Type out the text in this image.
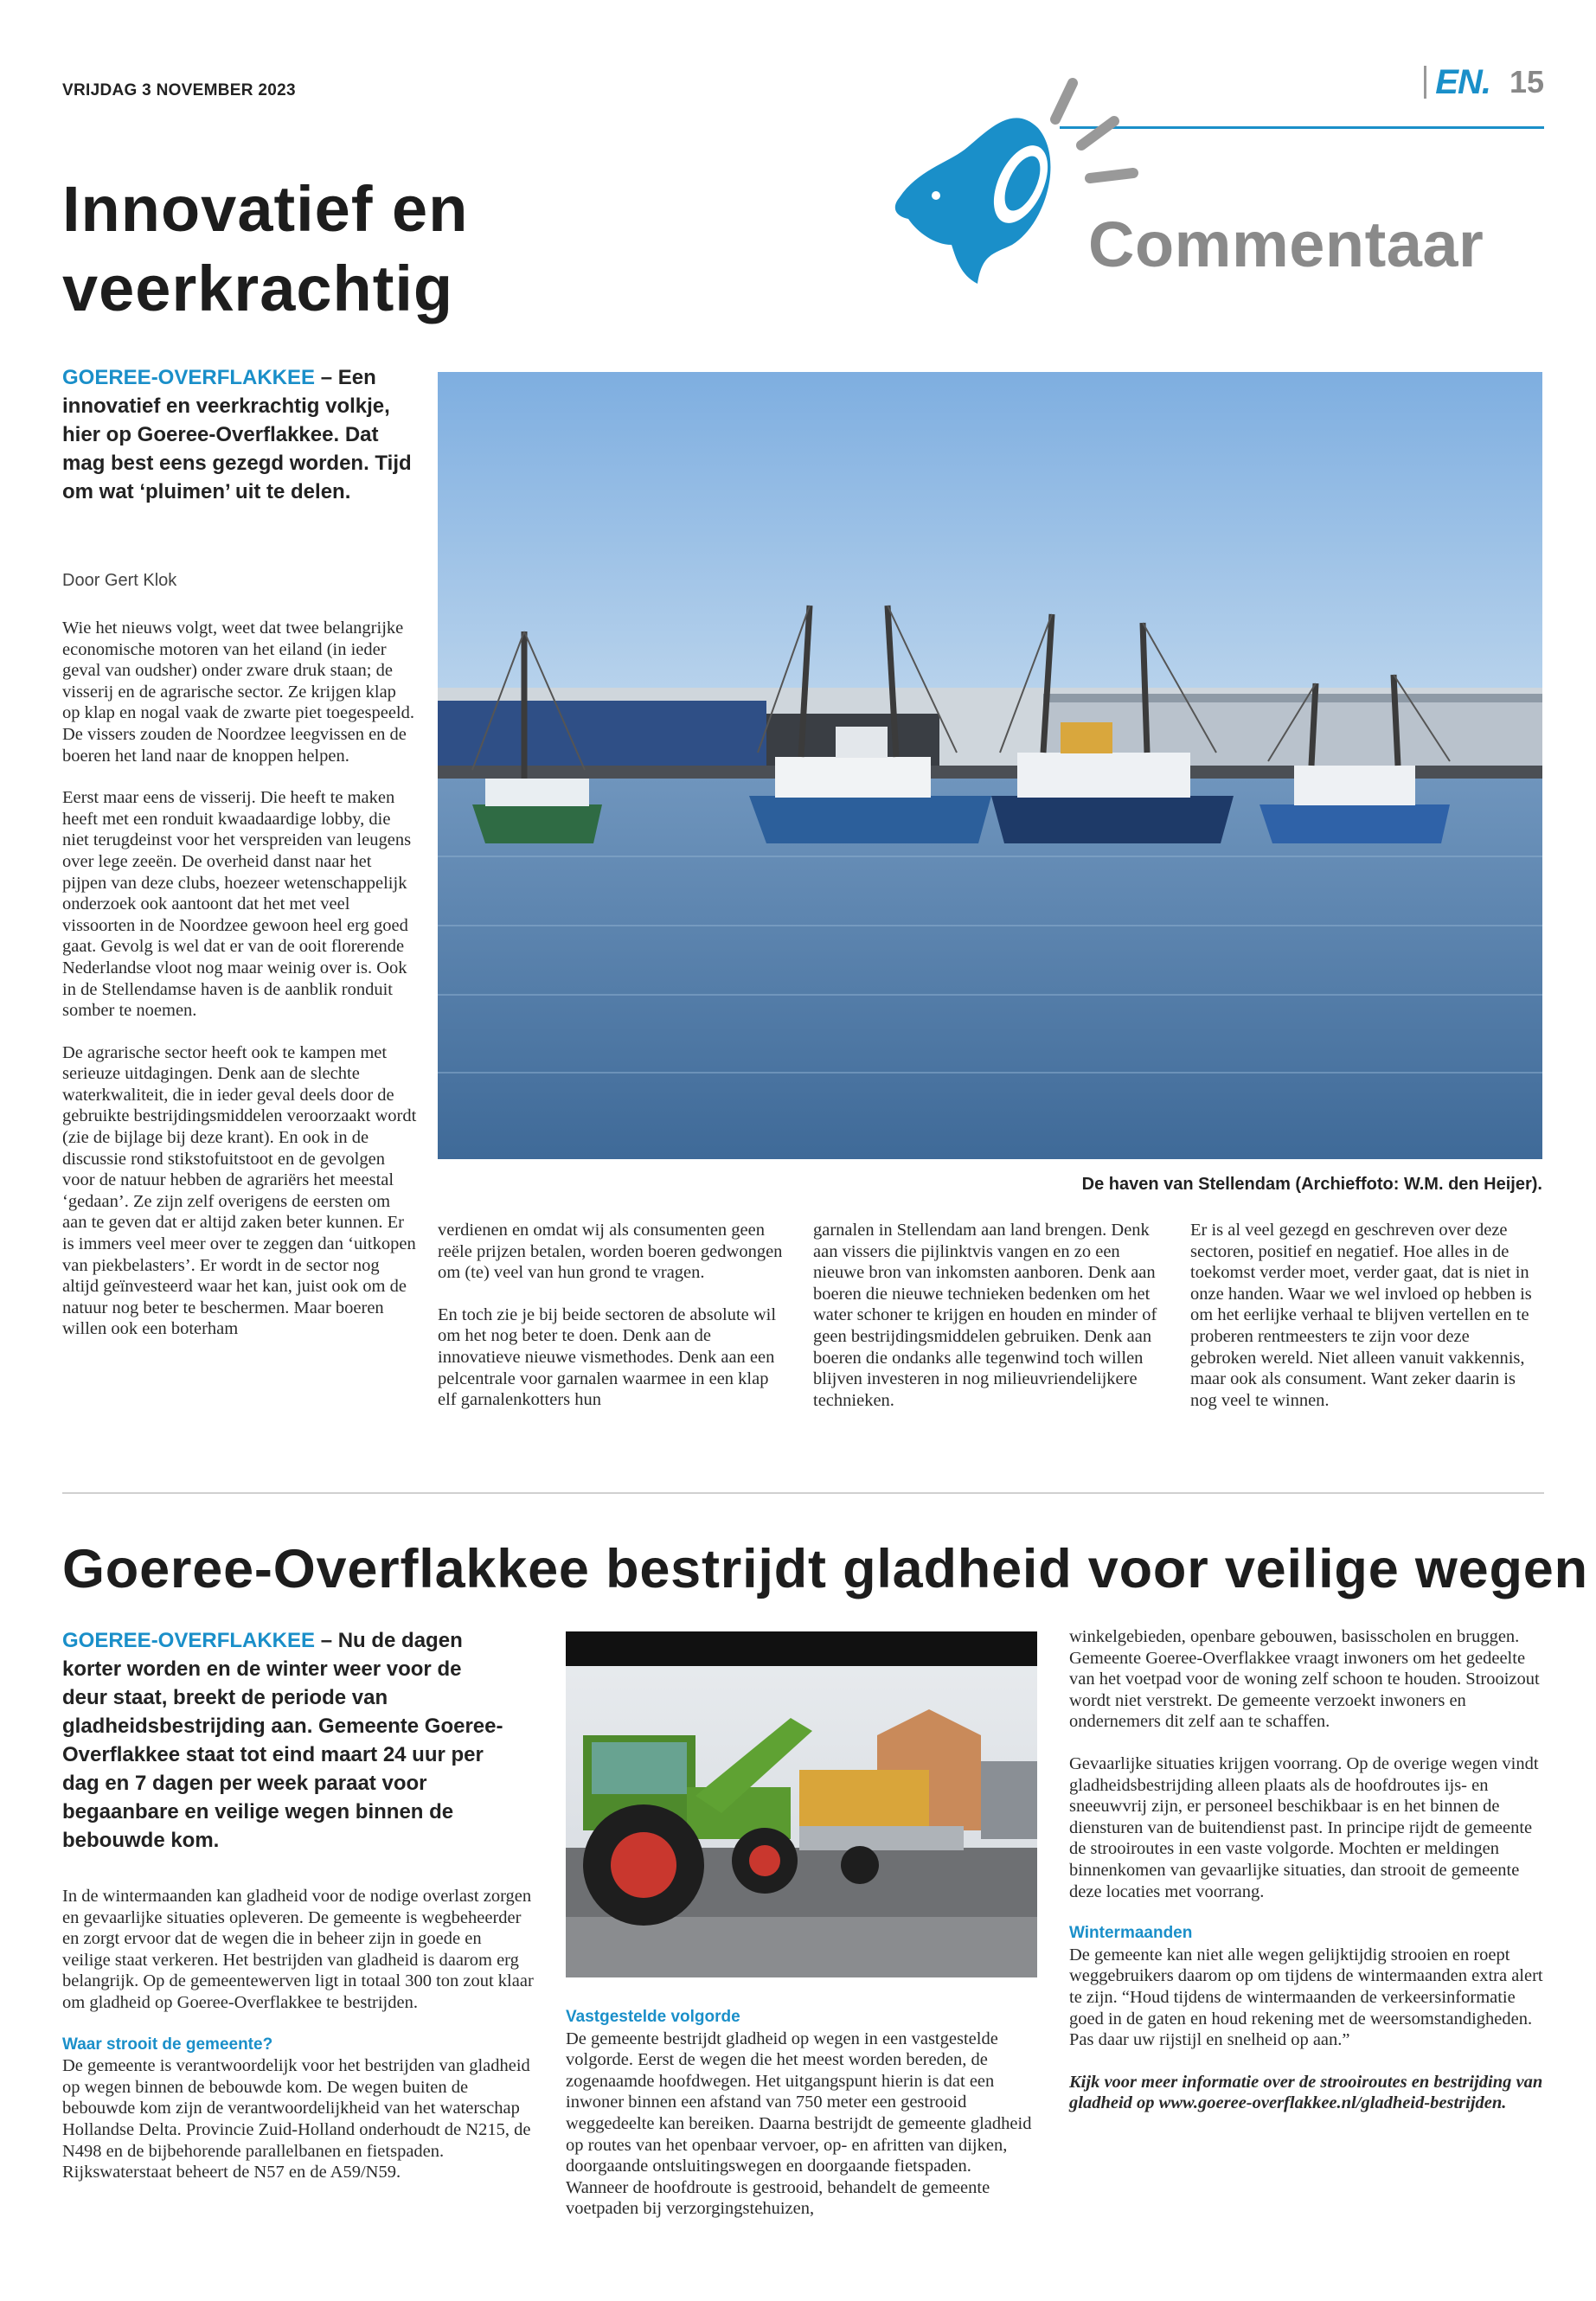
VRIJDAG 3 NOVEMBER 2023	EN. 15
Commentaar
Innovatief en
veerkrachtig
GOEREE-OVERFLAKKEE – Een innovatief en veerkrachtig volkje, hier op Goeree-Overflakkee. Dat mag best eens gezegd worden. Tijd om wat ‘pluimen’ uit te delen.
Door Gert Klok

Wie het nieuws volgt, weet dat twee belangrijke economische motoren van het eiland (in ieder geval van oudsher) onder zware druk staan; de visserij en de agrarische sector. Ze krijgen klap op klap en nogal vaak de zwarte piet toegespeeld. De vissers zouden de Noordzee leegvissen en de boeren het land naar de knoppen helpen.

Eerst maar eens de visserij. Die heeft te maken heeft met een ronduit kwaadaardige lobby, die niet terugdeinst voor het verspreiden van leugens over lege zeeën. De overheid danst naar het pijpen van deze clubs, hoezeer wetenschappelijk onderzoek ook aantoont dat het met veel vissoorten in de Noordzee gewoon heel erg goed gaat. Gevolg is wel dat er van de ooit florerende Nederlandse vloot nog maar weinig over is. Ook in de Stellendamse haven is de aanblik ronduit somber te noemen.

De agrarische sector heeft ook te kampen met serieuze uitdagingen. Denk aan de slechte waterkwaliteit, die in ieder geval deels door de gebruikte bestrijdingsmiddelen veroorzaakt wordt (zie de bijlage bij deze krant). En ook in de discussie rond stikstofuitstoot en de gevolgen voor de natuur hebben de agrariërs het meestal ‘gedaan’. Ze zijn zelf overigens de eersten om aan te geven dat er altijd zaken beter kunnen. Er is immers veel meer over te zeggen dan ‘uitkopen van piekbelasters’. Er wordt in de sector nog altijd geïnvesteerd waar het kan, juist ook om de natuur nog beter te beschermen. Maar boeren willen ook een boterham

De haven van Stellendam (Archieffoto: W.M. den Heijer).

verdienen en omdat wij als consumenten geen reële prijzen betalen, worden boeren gedwongen om (te) veel van hun grond te vragen.

En toch zie je bij beide sectoren de absolute wil om het nog beter te doen. Denk aan de innovatieve nieuwe vismethodes. Denk aan een pelcentrale voor garnalen waarmee in een klap elf garnalenkotters hun

garnalen in Stellendam aan land brengen. Denk aan vissers die pijlinktvis vangen en zo een nieuwe bron van inkomsten aanboren. Denk aan boeren die nieuwe technieken bedenken om het water schoner te krijgen en houden en minder of geen bestrijdingsmiddelen gebruiken. Denk aan boeren die ondanks alle tegenwind toch willen blijven investeren in nog milieuvriendelijkere technieken.

Er is al veel gezegd en geschreven over deze sectoren, positief en negatief. Hoe alles in de toekomst verder moet, verder gaat, dat is niet in onze handen. Waar we wel invloed op hebben is om het eerlijke verhaal te blijven vertellen en te proberen rentmeesters te zijn voor deze gebroken wereld. Niet alleen vanuit vakkennis, maar ook als consument. Want zeker daarin is nog veel te winnen.

Goeree-Overflakkee bestrijdt gladheid voor veilige wegen
GOEREE-OVERFLAKKEE – Nu de dagen korter worden en de winter weer voor de deur staat, breekt de periode van gladheidsbestrijding aan. Gemeente Goeree-Overflakkee staat tot eind maart 24 uur per dag en 7 dagen per week paraat voor begaanbare en veilige wegen binnen de bebouwde kom.

In de wintermaanden kan gladheid voor de nodige overlast zorgen en gevaarlijke situaties opleveren. De gemeente is wegbeheerder en zorgt ervoor dat de wegen die in beheer zijn in goede en veilige staat verkeren. Het bestrijden van gladheid is daarom erg belangrijk. Op de gemeentewerven ligt in totaal 300 ton zout klaar om gladheid op Goeree-Overflakkee te bestrijden.

Waar strooit de gemeente?

De gemeente is verantwoordelijk voor het bestrijden van gladheid op wegen binnen de bebouwde kom. De wegen buiten de bebouwde kom zijn de verantwoordelijkheid van het waterschap Hollandse Delta. Provincie Zuid-Holland onderhoudt de N215, de N498 en de bijbehorende parallelbanen en fietspaden. Rijkswaterstaat beheert de N57 en de A59/N59.

Vastgestelde volgorde

De gemeente bestrijdt gladheid op wegen in een vastgestelde volgorde. Eerst de wegen die het meest worden bereden, de zogenaamde hoofdwegen. Het uitgangspunt hierin is dat een inwoner binnen een afstand van 750 meter een gestrooid weggedeelte kan bereiken. Daarna bestrijdt de gemeente gladheid op routes van het openbaar vervoer, op- en afritten van dijken, doorgaande ontsluitingswegen en doorgaande fietspaden. Wanneer de hoofdroute is gestrooid, behandelt de gemeente voetpaden bij verzorgingstehuizen,

winkelgebieden, openbare gebouwen, basisscholen en bruggen. Gemeente Goeree-Overflakkee vraagt inwoners om het gedeelte van het voetpad voor de woning zelf schoon te houden. Strooizout wordt niet verstrekt. De gemeente verzoekt inwoners en ondernemers dit zelf aan te schaffen.

Gevaarlijke situaties krijgen voorrang. Op de overige wegen vindt gladheidsbestrijding alleen plaats als de hoofdroutes ijs- en sneeuwvrij zijn, er personeel beschikbaar is en het binnen de diensturen van de buitendienst past. In principe rijdt de gemeente de strooiroutes in een vaste volgorde. Mochten er meldingen binnenkomen van gevaarlijke situaties, dan strooit de gemeente deze locaties met voorrang.

Wintermaanden

De gemeente kan niet alle wegen gelijktijdig strooien en roept weggebruikers daarom op om tijdens de wintermaanden extra alert te zijn. “Houd tijdens de wintermaanden de verkeersinformatie goed in de gaten en houd rekening met de weersomstandigheden. Pas daar uw rijstijl en snelheid op aan.”

Kijk voor meer informatie over de strooiroutes en bestrijding van gladheid op www.goeree-overflakkee.nl/gladheid-bestrijden.
